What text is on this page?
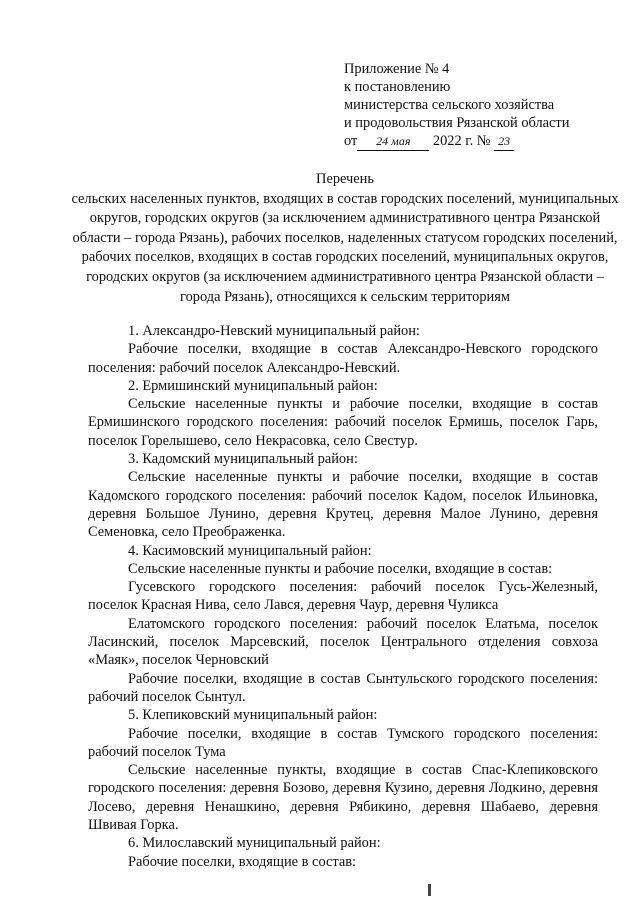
Приложение № 4
к постановлению
министерства сельского хозяйства
и продовольствия Рязанской области
от 24 мая 2022 г. № 23
Перечень
сельских населенных пунктов, входящих в состав городских поселений, муниципальных округов, городских округов (за исключением административного центра Рязанской области – города Рязань), рабочих поселков, наделенных статусом городских поселений, рабочих поселков, входящих в состав городских поселений, муниципальных округов, городских округов (за исключением административного центра Рязанской области – города Рязань), относящихся к сельским территориям

1. Александро-Невский муниципальный район:

Рабочие поселки, входящие в состав Александро-Невского городского поселения: рабочий поселок Александро-Невский.

2. Ермишинский муниципальный район:

Сельские населенные пункты и рабочие поселки, входящие в состав Ермишинского городского поселения: рабочий поселок Ермишь, поселок Гарь, поселок Горелышево, село Некрасовка, село Свестур.

3. Кадомский муниципальный район:

Сельские населенные пункты и рабочие поселки, входящие в состав Кадомского городского поселения: рабочий поселок Кадом, поселок Ильиновка, деревня Большое Лунино, деревня Крутец, деревня Малое Лунино, деревня Семеновка, село Преображенка.

4. Касимовский муниципальный район:

Сельские населенные пункты и рабочие поселки, входящие в состав:

Гусевского городского поселения: рабочий поселок Гусь-Железный, поселок Красная Нива, село Лався, деревня Чаур, деревня Чуликса

Елатомского городского поселения: рабочий поселок Елатьма, поселок Ласинский, поселок Марсевский, поселок Центрального отделения совхоза «Маяк», поселок Черновский

Рабочие поселки, входящие в состав Сынтульского городского поселения: рабочий поселок Сынтул.

5. Клепиковский муниципальный район:

Рабочие поселки, входящие в состав Тумского городского поселения: рабочий поселок Тума

Сельские населенные пункты, входящие в состав Спас-Клепиковского городского поселения: деревня Бозово, деревня Кузино, деревня Лодкино, деревня Лосево, деревня Ненашкино, деревня Рябикино, деревня Шабаево, деревня Швивая Горка.

6. Милославский муниципальный район:

Рабочие поселки, входящие в состав:
